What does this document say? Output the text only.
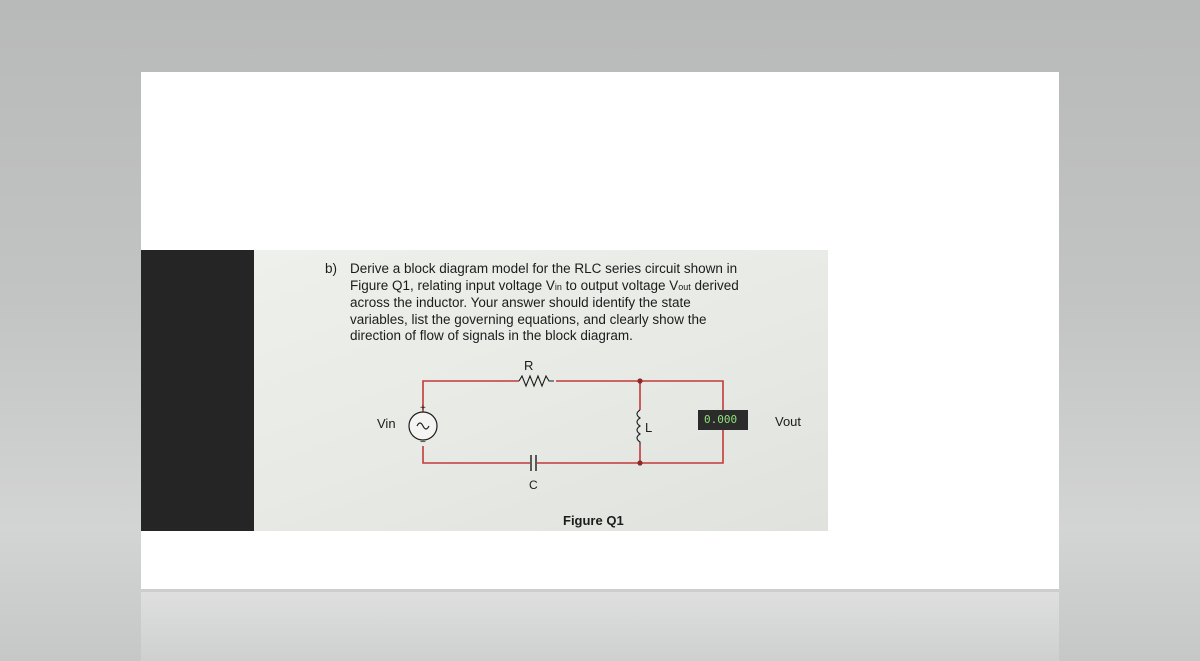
b) Derive a block diagram model for the RLC series circuit shown in
Figure Q1, relating input voltage Vin to output voltage Vout derived
across the inductor. Your answer should identify the state
variables, list the governing equations, and clearly show the
direction of flow of signals in the block diagram.
R
C
L
Vin	Vout
+
−
0.000
Figure Q1
